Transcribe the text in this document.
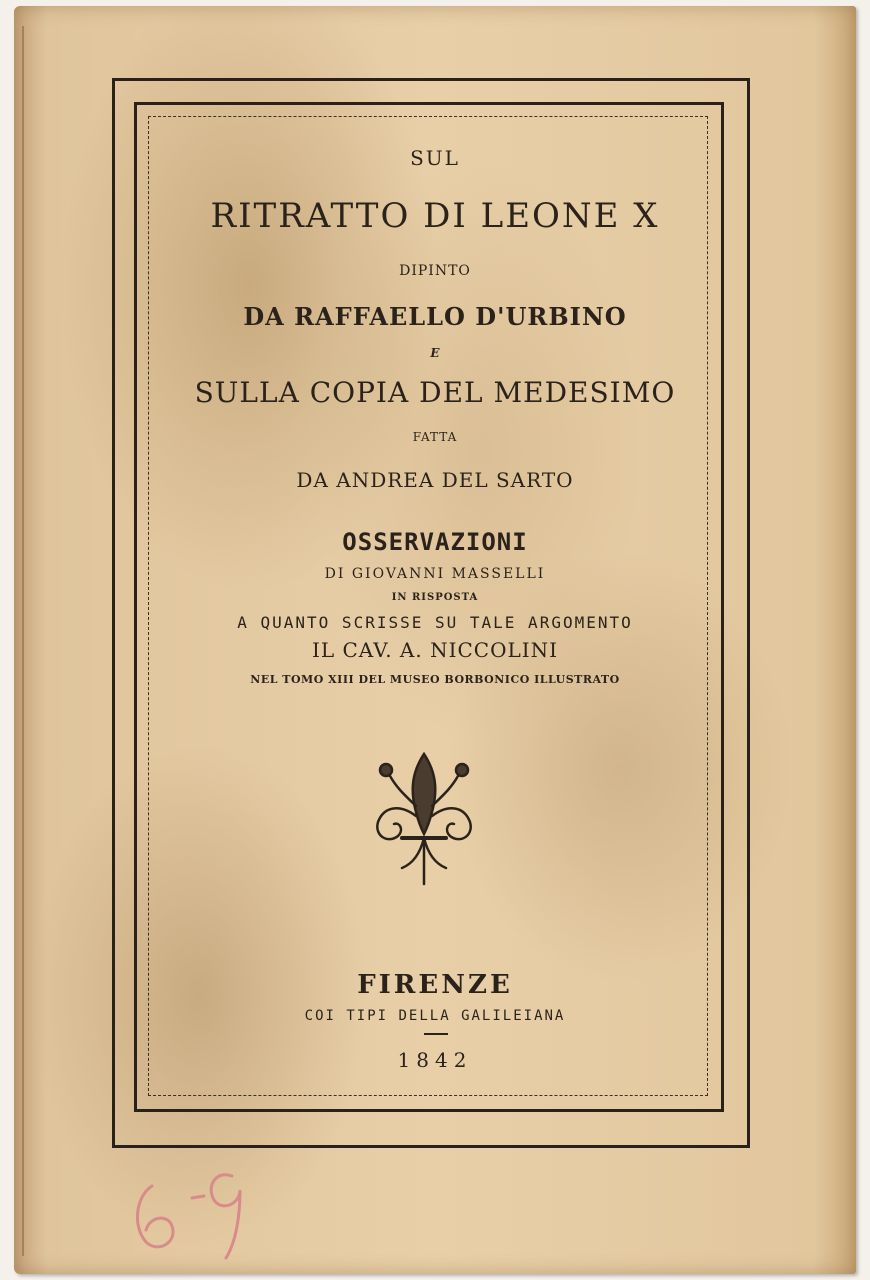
SUL
RITRATTO DI LEONE X
DIPINTO
DA RAFFAELLO D'URBINO
E
SULLA COPIA DEL MEDESIMO
FATTA
DA ANDREA DEL SARTO
OSSERVAZIONI
DI GIOVANNI MASSELLI
IN RISPOSTA
A QUANTO SCRISSE SU TALE ARGOMENTO
IL CAV. A. NICCOLINI
NEL TOMO XIII DEL MUSEO BORBONICO ILLUSTRATO
FIRENZE
COI TIPI DELLA GALILEIANA
1842
